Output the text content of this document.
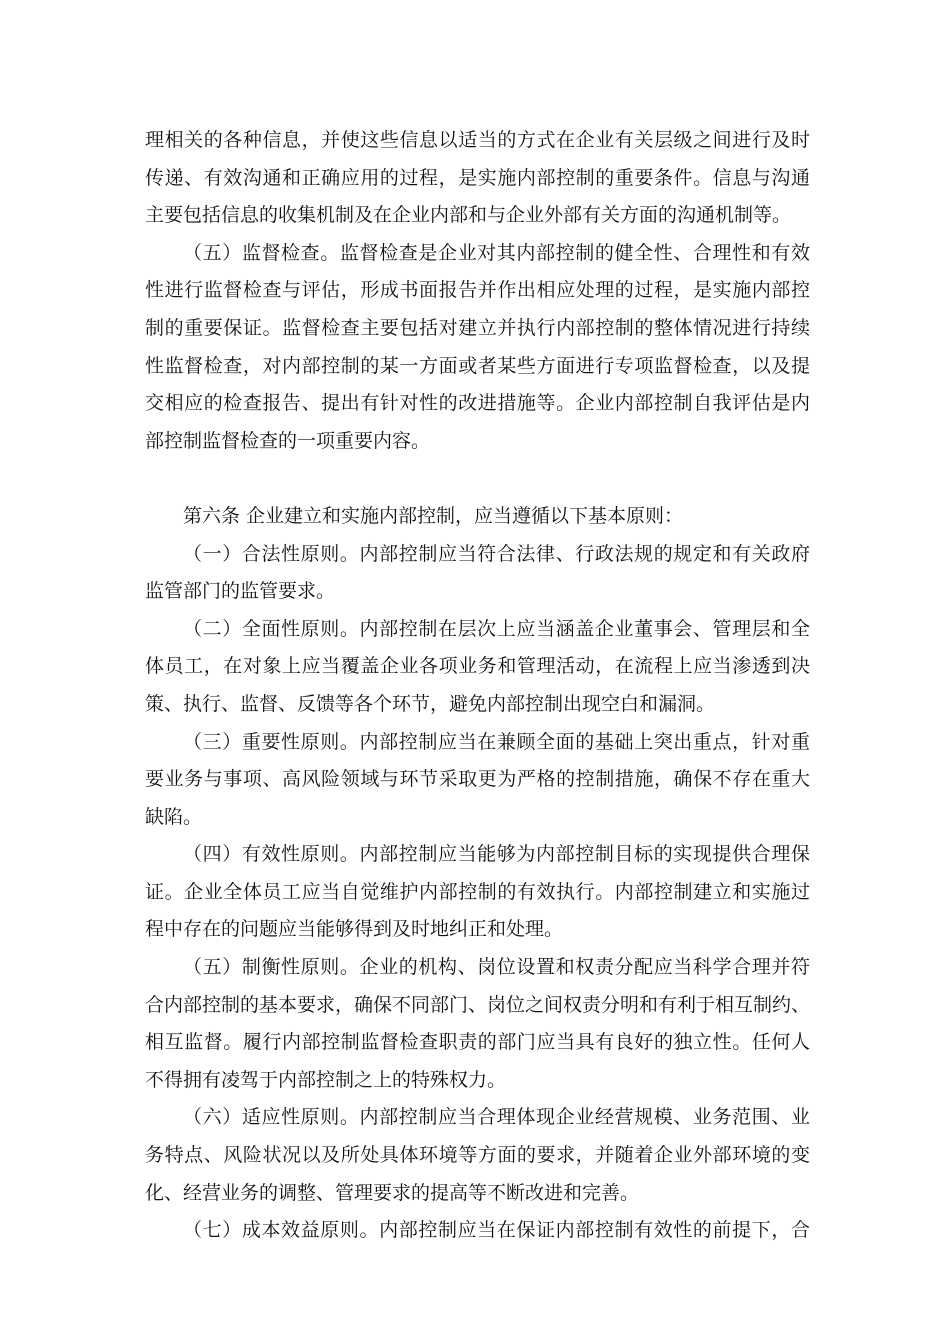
理相关的各种信息，并使这些信息以适当的方式在企业有关层级之间进行及时
传递、有效沟通和正确应用的过程，是实施内部控制的重要条件。信息与沟通
主要包括信息的收集机制及在企业内部和与企业外部有关方面的沟通机制等。
（五）监督检查。监督检查是企业对其内部控制的健全性、合理性和有效
性进行监督检查与评估，形成书面报告并作出相应处理的过程，是实施内部控
制的重要保证。监督检查主要包括对建立并执行内部控制的整体情况进行持续
性监督检查，对内部控制的某一方面或者某些方面进行专项监督检查，以及提
交相应的检查报告、提出有针对性的改进措施等。企业内部控制自我评估是内
部控制监督检查的一项重要内容。
第六条 企业建立和实施内部控制，应当遵循以下基本原则：
（一）合法性原则。内部控制应当符合法律、行政法规的规定和有关政府
监管部门的监管要求。
（二）全面性原则。内部控制在层次上应当涵盖企业董事会、管理层和全
体员工，在对象上应当覆盖企业各项业务和管理活动，在流程上应当渗透到决
策、执行、监督、反馈等各个环节，避免内部控制出现空白和漏洞。
（三）重要性原则。内部控制应当在兼顾全面的基础上突出重点，针对重
要业务与事项、高风险领域与环节采取更为严格的控制措施，确保不存在重大
缺陷。
（四）有效性原则。内部控制应当能够为内部控制目标的实现提供合理保
证。企业全体员工应当自觉维护内部控制的有效执行。内部控制建立和实施过
程中存在的问题应当能够得到及时地纠正和处理。
（五）制衡性原则。企业的机构、岗位设置和权责分配应当科学合理并符
合内部控制的基本要求，确保不同部门、岗位之间权责分明和有利于相互制约、
相互监督。履行内部控制监督检查职责的部门应当具有良好的独立性。任何人
不得拥有凌驾于内部控制之上的特殊权力。
（六）适应性原则。内部控制应当合理体现企业经营规模、业务范围、业
务特点、风险状况以及所处具体环境等方面的要求，并随着企业外部环境的变
化、经营业务的调整、管理要求的提高等不断改进和完善。
（七）成本效益原则。内部控制应当在保证内部控制有效性的前提下，合
